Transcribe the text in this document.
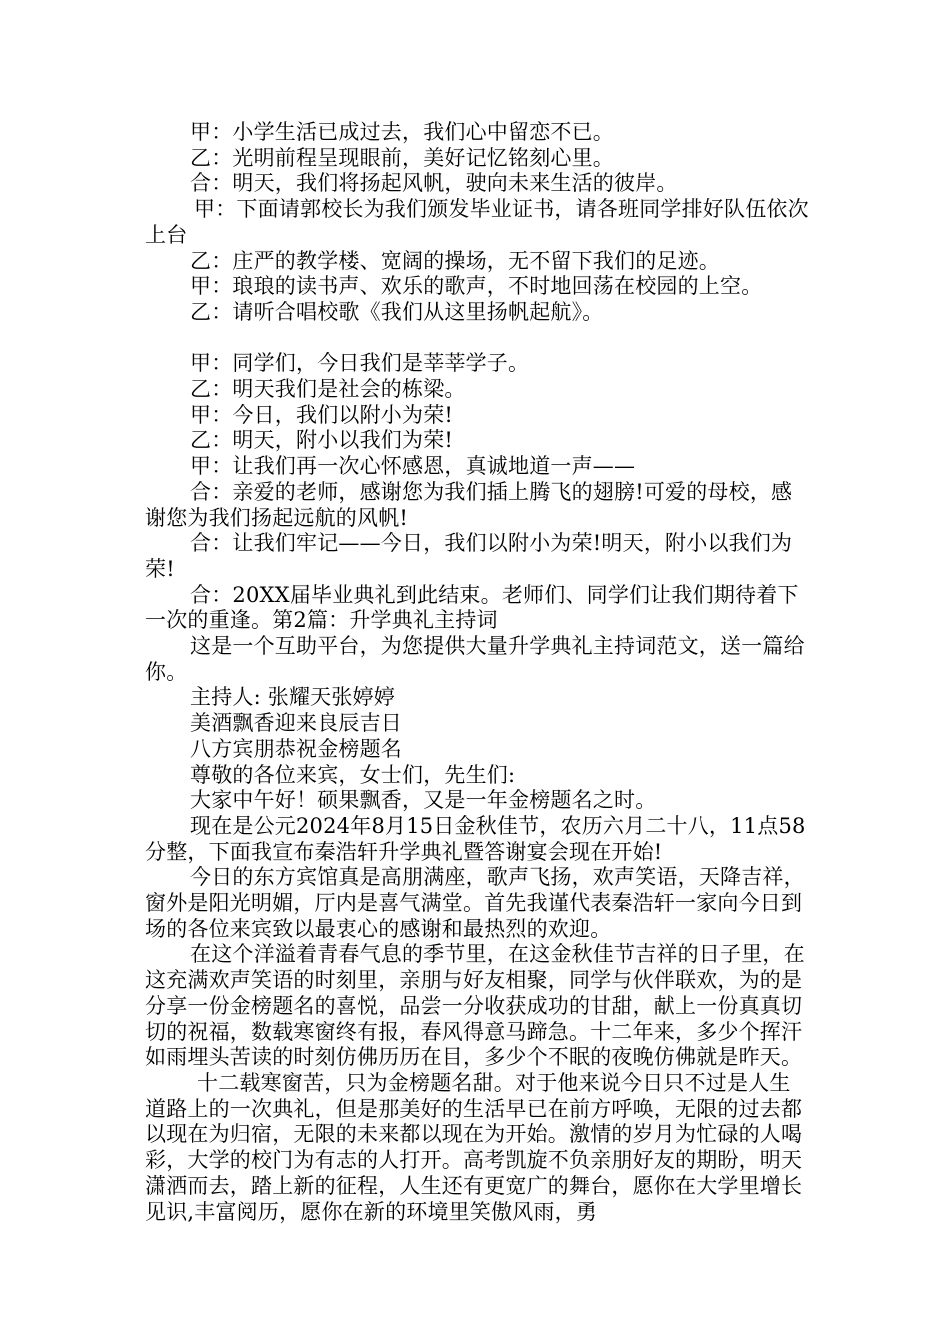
甲：小学生活已成过去，我们心中留恋不已。

乙：光明前程呈现眼前，美好记忆铭刻心里。

合：明天，我们将扬起风帆，驶向未来生活的彼岸。

甲：下面请郭校长为我们颁发毕业证书，请各班同学排好队伍依次上台

乙：庄严的教学楼、宽阔的操场，无不留下我们的足迹。

甲：琅琅的读书声、欢乐的歌声，不时地回荡在校园的上空。

乙：请听合唱校歌《我们从这里扬帆起航》。

甲：同学们，今日我们是莘莘学子。

乙：明天我们是社会的栋梁。

甲：今日，我们以附小为荣!

乙：明天，附小以我们为荣!

甲：让我们再一次心怀感恩，真诚地道一声——

合：亲爱的老师，感谢您为我们插上腾飞的翅膀!可爱的母校，感谢您为我们扬起远航的风帆!

合：让我们牢记——今日，我们以附小为荣!明天，附小以我们为荣!

合：20XX届毕业典礼到此结束。老师们、同学们让我们期待着下一次的重逢。第2篇：升学典礼主持词

这是一个互助平台，为您提供大量升学典礼主持词范文，送一篇给你。

主持人: 张耀天张婷婷

美酒飘香迎来良辰吉日

八方宾朋恭祝金榜题名

尊敬的各位来宾，女士们，先生们:

大家中午好！硕果飘香，又是一年金榜题名之时。

现在是公元2024年8月15日金秋佳节，农历六月二十八，11点58分整，下面我宣布秦浩轩升学典礼暨答谢宴会现在开始!

今日的东方宾馆真是高朋满座，歌声飞扬，欢声笑语，天降吉祥，窗外是阳光明媚，厅内是喜气满堂。首先我谨代表秦浩轩一家向今日到场的各位来宾致以最衷心的感谢和最热烈的欢迎。

在这个洋溢着青春气息的季节里，在这金秋佳节吉祥的日子里，在这充满欢声笑语的时刻里，亲朋与好友相聚，同学与伙伴联欢，为的是分享一份金榜题名的喜悦，品尝一分收获成功的甘甜，献上一份真真切切的祝福，数载寒窗终有报，春风得意马蹄急。十二年来，多少个挥汗如雨埋头苦读的时刻仿佛历历在目，多少个不眠的夜晚仿佛就是昨天。

十二载寒窗苦，只为金榜题名甜。对于他来说今日只不过是人生道路上的一次典礼，但是那美好的生活早已在前方呼唤，无限的过去都以现在为归宿，无限的未来都以现在为开始。激情的岁月为忙碌的人喝彩，大学的校门为有志的人打开。高考凯旋不负亲朋好友的期盼，明天潇洒而去，踏上新的征程，人生还有更宽广的舞台，愿你在大学里增长见识,丰富阅历，愿你在新的环境里笑傲风雨，勇
